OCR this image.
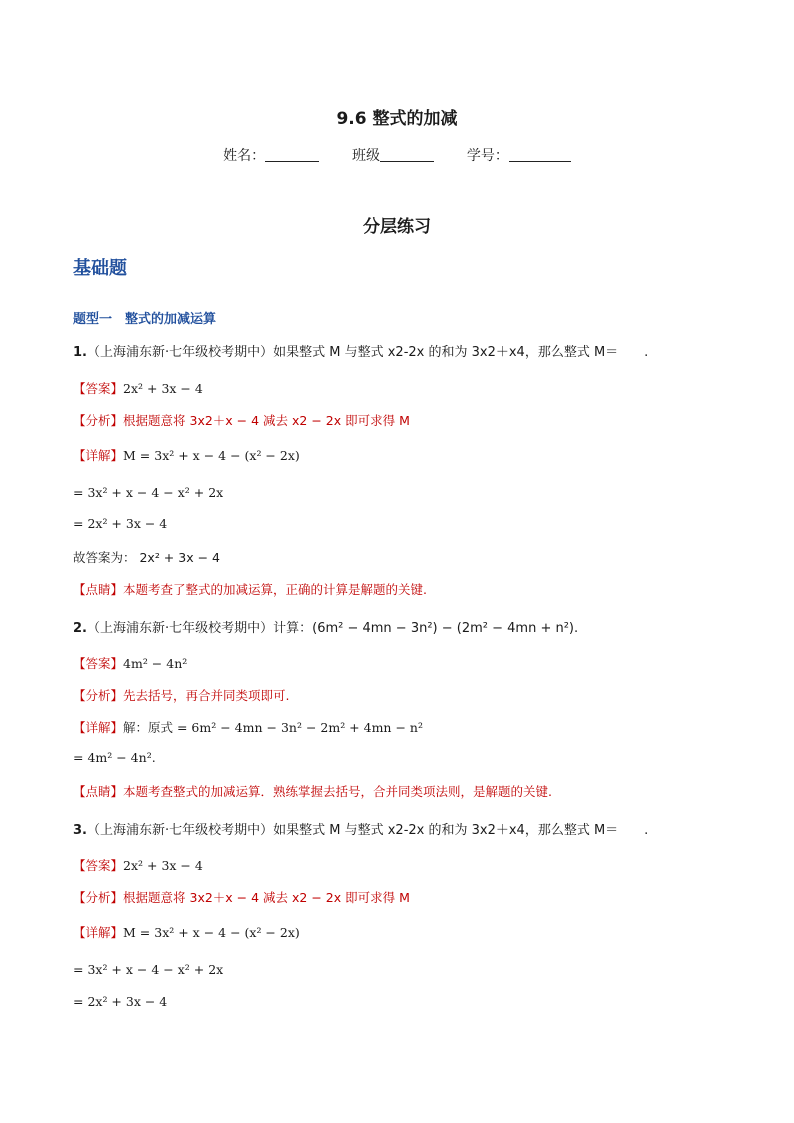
9.6 整式的加减
姓名：	班级	学号：
分层练习
基础题
题型一　整式的加减运算
1.（上海浦东新·七年级校考期中）如果整式 M 与整式 x2-2x 的和为 3x2＋x4，那么整式 M＝　　.
【答案】2x² + 3x − 4
【分析】根据题意将 3x2＋x − 4 减去 x2 − 2x 即可求得 M
【详解】M = 3x² + x − 4 − (x² − 2x)
= 3x² + x − 4 − x² + 2x
= 2x² + 3x − 4
故答案为： 2x² + 3x − 4
【点睛】本题考查了整式的加减运算，正确的计算是解题的关键.
2.（上海浦东新·七年级校考期中）计算：(6m² − 4mn − 3n²) − (2m² − 4mn + n²).
【答案】4m² − 4n²
【分析】先去括号，再合并同类项即可.
【详解】解：原式 = 6m² − 4mn − 3n² − 2m² + 4mn − n²
= 4m² − 4n².
【点睛】本题考查整式的加减运算．熟练掌握去括号，合并同类项法则，是解题的关键.
3.（上海浦东新·七年级校考期中）如果整式 M 与整式 x2-2x 的和为 3x2＋x4，那么整式 M＝　　.
【答案】2x² + 3x − 4
【分析】根据题意将 3x2＋x − 4 减去 x2 − 2x 即可求得 M
【详解】M = 3x² + x − 4 − (x² − 2x)
= 3x² + x − 4 − x² + 2x
= 2x² + 3x − 4
